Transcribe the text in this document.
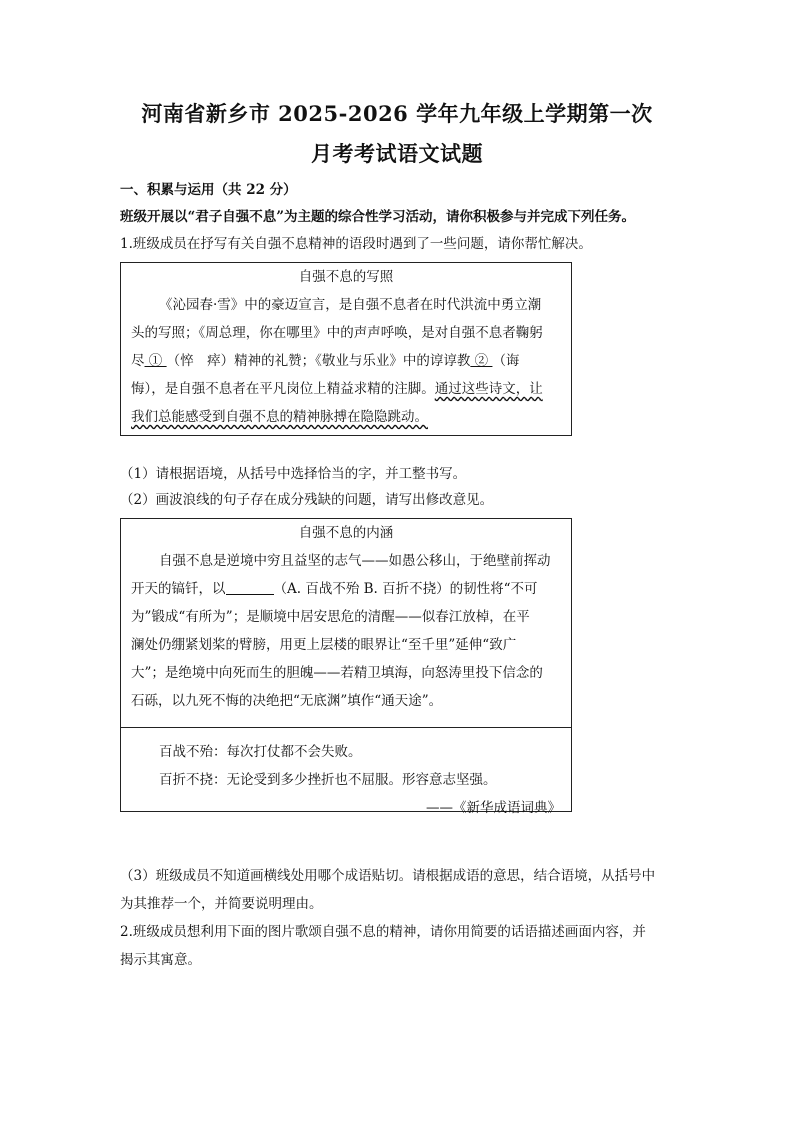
河南省新乡市 2025-2026 学年九年级上学期第一次
月考考试语文试题
一、积累与运用（共 22 分）
班级开展以“君子自强不息”为主题的综合性学习活动，请你积极参与并完成下列任务。
1.班级成员在抒写有关自强不息精神的语段时遇到了一些问题，请你帮忙解决。
自强不息的写照
《沁园春·雪》中的豪迈宣言，是自强不息者在时代洪流中勇立潮
头的写照；《周总理，你在哪里》中的声声呼唤，是对自强不息者鞠躬
尽 ① （悴　瘁）精神的礼赞；《敬业与乐业》中的谆谆教 ② （诲
悔），是自强不息者在平凡岗位上精益求精的注脚。通过这些诗文，让
我们总能感受到自强不息的精神脉搏在隐隐跳动。
（1）请根据语境，从括号中选择恰当的字，并工整书写。
（2）画波浪线的句子存在成分残缺的问题，请写出修改意见。
自强不息的内涵
自强不息是逆境中穷且益坚的志气——如愚公移山，于绝壁前挥动
开天的镐钎，以	（A. 百战不殆 B. 百折不挠）的韧性将“不可
为”锻成“有所为”；是顺境中居安思危的清醒——似春江放棹，在平
澜处仍绷紧划桨的臂膀，用更上层楼的眼界让“至千里”延伸“致广
大”；是绝境中向死而生的胆魄——若精卫填海，向怒涛里投下信念的
石砾，以九死不悔的决绝把“无底渊”填作“通天途”。
百战不殆：每次打仗都不会失败。
百折不挠：无论受到多少挫折也不屈服。形容意志坚强。
——《新华成语词典》
（3）班级成员不知道画横线处用哪个成语贴切。请根据成语的意思，结合语境，从括号中
为其推荐一个，并简要说明理由。
2.班级成员想利用下面的图片歌颂自强不息的精神，请你用简要的话语描述画面内容，并
揭示其寓意。
